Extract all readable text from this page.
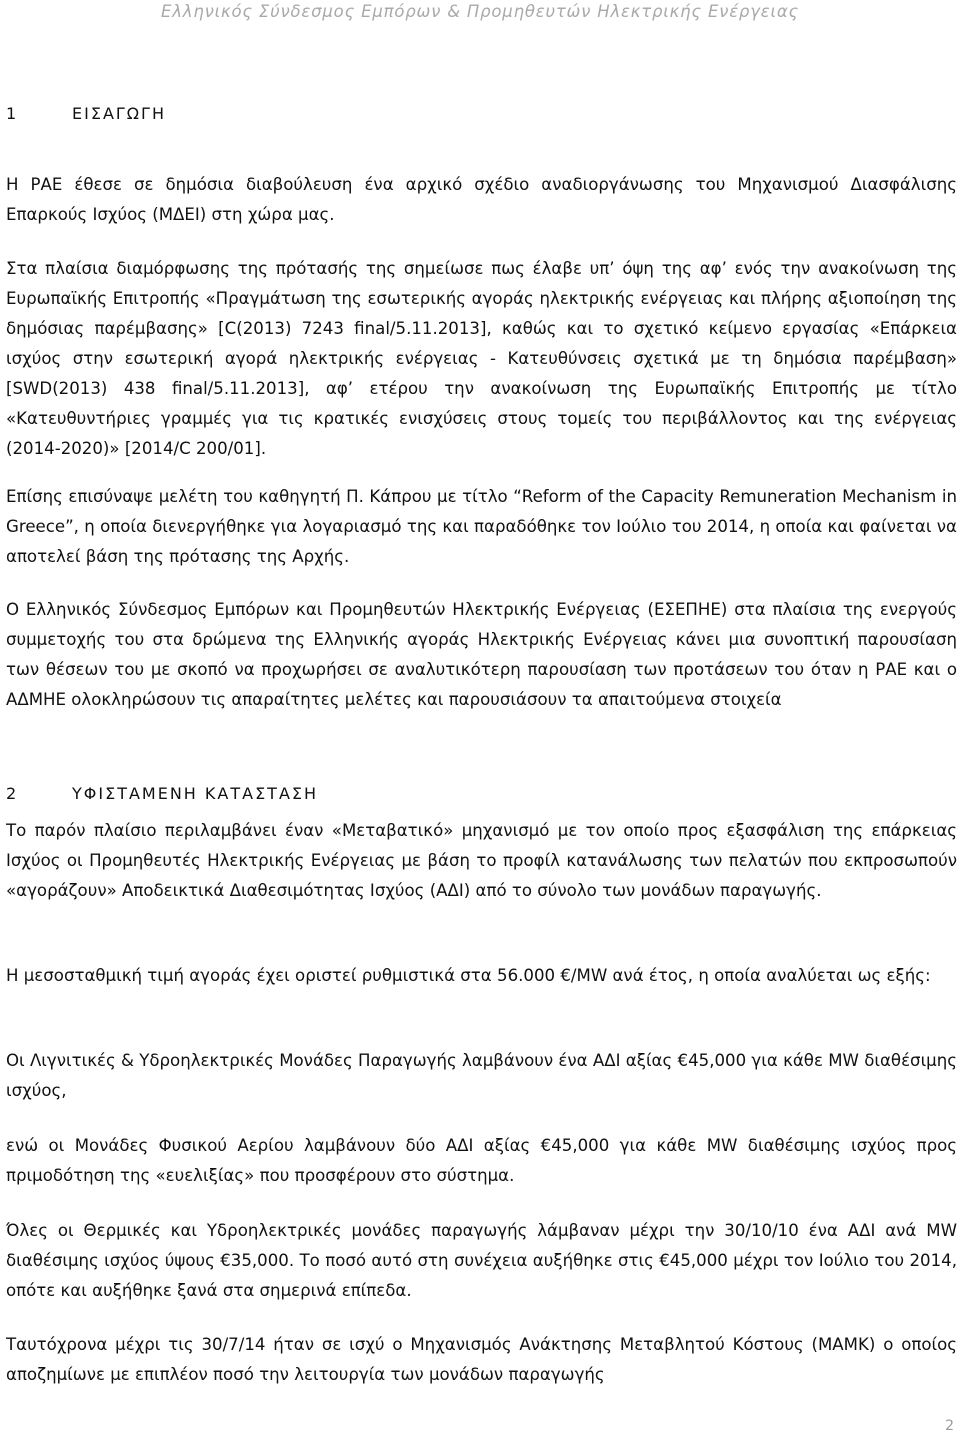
Ελληνικός Σύνδεσμος Εμπόρων & Προμηθευτών Ηλεκτρικής Ενέργειας
1	ΕΙΣΑΓΩΓΗ
Η ΡΑΕ έθεσε σε δημόσια διαβούλευση ένα αρχικό σχέδιο αναδιοργάνωσης του Μηχανισμού Διασφάλισης Επαρκούς Ισχύος (ΜΔΕΙ) στη χώρα μας.
Στα πλαίσια διαμόρφωσης της πρότασής της σημείωσε πως έλαβε υπ’ όψη της αφ’ ενός την ανακοίνωση της Ευρωπαϊκής Επιτροπής «Πραγμάτωση της εσωτερικής αγοράς ηλεκτρικής ενέργειας και πλήρης αξιοποίηση της δημόσιας παρέμβασης» [C(2013) 7243 final/5.11.2013], καθώς και το σχετικό κείμενο εργασίας «Επάρκεια ισχύος στην εσωτερική αγορά ηλεκτρικής ενέργειας - Κατευθύνσεις σχετικά με τη δημόσια παρέμβαση» [SWD(2013) 438 final/5.11.2013], αφ’ ετέρου την ανακοίνωση της Ευρωπαϊκής Επιτροπής με τίτλο «Κατευθυντήριες γραμμές για τις κρατικές ενισχύσεις στους τομείς του περιβάλλοντος και της ενέργειας (2014-2020)» [2014/C 200/01].
Επίσης επισύναψε μελέτη του καθηγητή Π. Κάπρου με τίτλο “Reform of the Capacity Remuneration Mechanism in Greece”, η οποία διενεργήθηκε για λογαριασμό της και παραδόθηκε τον Ιούλιο του 2014, η οποία και φαίνεται να αποτελεί βάση της πρότασης της Αρχής.
Ο Ελληνικός Σύνδεσμος Εμπόρων και Προμηθευτών Ηλεκτρικής Ενέργειας (ΕΣΕΠΗΕ) στα πλαίσια της ενεργούς συμμετοχής του στα δρώμενα της Ελληνικής αγοράς Ηλεκτρικής Ενέργειας κάνει μια συνοπτική παρουσίαση των θέσεων του με σκοπό να προχωρήσει σε αναλυτικότερη παρουσίαση των προτάσεων του όταν η ΡΑΕ και ο ΑΔΜΗΕ ολοκληρώσουν τις απαραίτητες μελέτες και παρουσιάσουν τα απαιτούμενα στοιχεία
2	ΥΦΙΣΤΑΜΕΝΗ ΚΑΤΑΣΤΑΣΗ
Το παρόν πλαίσιο περιλαμβάνει έναν «Μεταβατικό» μηχανισμό με τον οποίο προς εξασφάλιση της επάρκειας Ισχύος οι Προμηθευτές Ηλεκτρικής Ενέργειας με βάση το προφίλ κατανάλωσης των πελατών που εκπροσωπούν «αγοράζουν» Αποδεικτικά Διαθεσιμότητας Ισχύος (ΑΔΙ) από το σύνολο των μονάδων παραγωγής.
Η μεσοσταθμική τιμή αγοράς έχει οριστεί ρυθμιστικά στα 56.000 €/MW ανά έτος, η οποία αναλύεται ως εξής:
Οι Λιγνιτικές & Υδροηλεκτρικές Μονάδες Παραγωγής λαμβάνουν ένα ΑΔΙ αξίας €45,000 για κάθε MW διαθέσιμης ισχύος,
ενώ οι Μονάδες Φυσικού Αερίου λαμβάνουν δύο ΑΔΙ αξίας €45,000 για κάθε MW διαθέσιμης ισχύος προς πριμοδότηση της «ευελιξίας» που προσφέρουν στο σύστημα.
Όλες οι Θερμικές και Υδροηλεκτρικές μονάδες παραγωγής λάμβαναν μέχρι την 30/10/10 ένα ΑΔΙ ανά MW διαθέσιμης ισχύος ύψους €35,000. Το ποσό αυτό στη συνέχεια αυξήθηκε στις €45,000 μέχρι τον Ιούλιο του 2014, οπότε και αυξήθηκε ξανά στα σημερινά επίπεδα.
Ταυτόχρονα μέχρι τις 30/7/14 ήταν σε ισχύ ο Μηχανισμός Ανάκτησης Μεταβλητού Κόστους (ΜΑΜΚ) ο οποίος αποζημίωνε με επιπλέον ποσό την λειτουργία των μονάδων παραγωγής
2
